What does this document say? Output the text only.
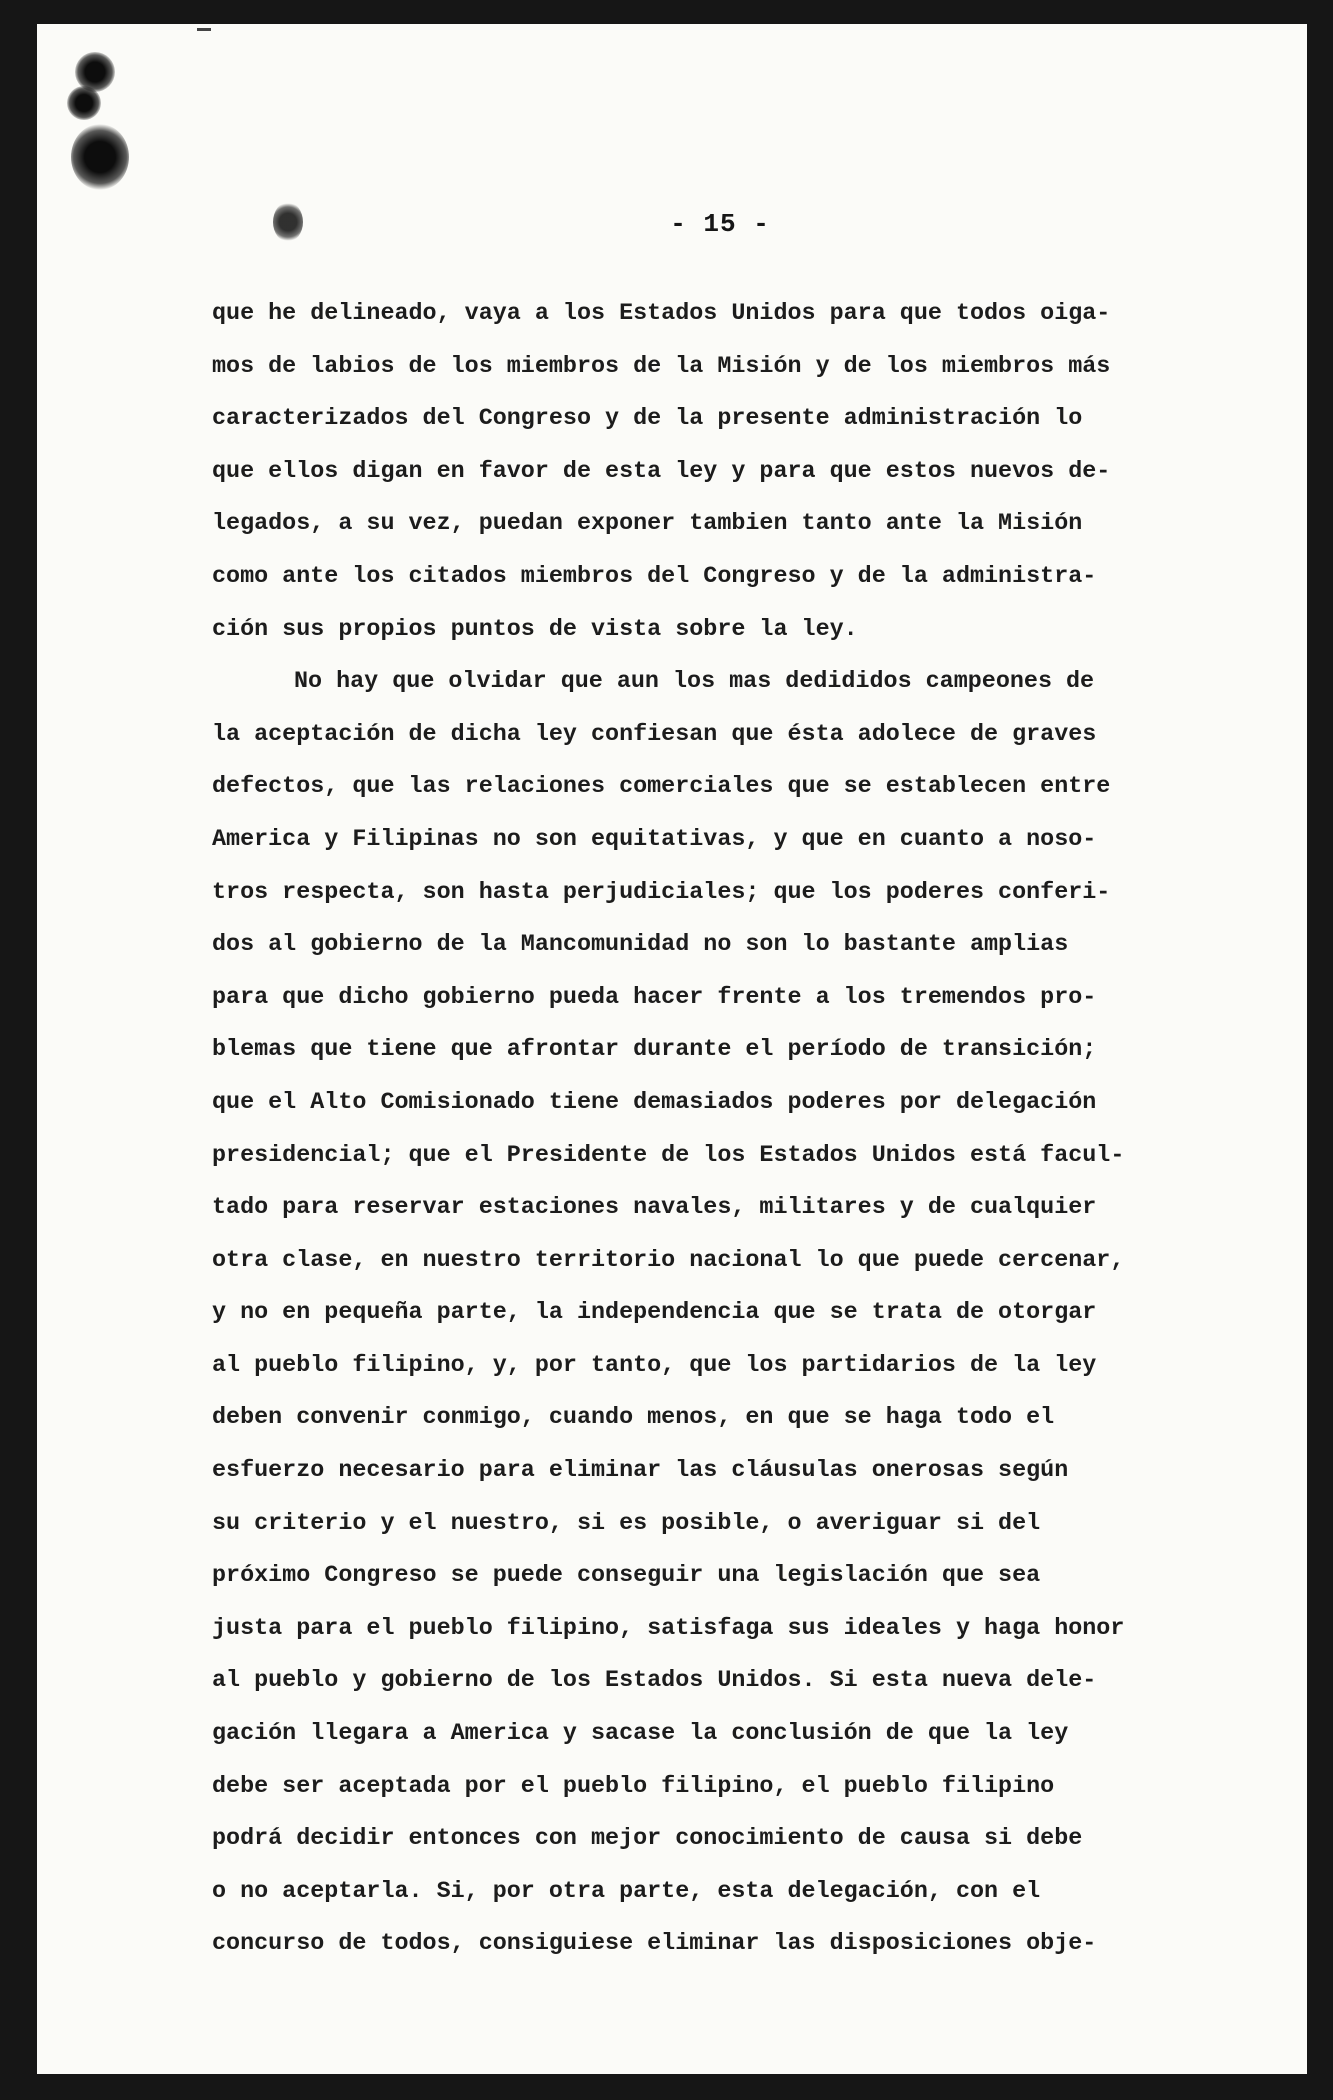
- 15 -
que he delineado, vaya a los Estados Unidos para que todos oiga-
mos de labios de los miembros de la Misión y de los miembros más
caracterizados del Congreso y de la presente administración lo
que ellos digan en favor de esta ley y para que estos nuevos de-
legados, a su vez, puedan exponer tambien tanto ante la Misión
como ante los citados miembros del Congreso y de la administra-
ción sus propios puntos de vista sobre la ley.
No hay que olvidar que aun los mas dedididos campeones de
la aceptación de dicha ley confiesan que ésta adolece de graves
defectos, que las relaciones comerciales que se establecen entre
America y Filipinas no son equitativas, y que en cuanto a noso-
tros respecta, son hasta perjudiciales; que los poderes conferi-
dos al gobierno de la Mancomunidad no son lo bastante amplias
para que dicho gobierno pueda hacer frente a los tremendos pro-
blemas que tiene que afrontar durante el período de transición;
que el Alto Comisionado tiene demasiados poderes por delegación
presidencial; que el Presidente de los Estados Unidos está facul-
tado para reservar estaciones navales, militares y de cualquier
otra clase, en nuestro territorio nacional lo que puede cercenar,
y no en pequeña parte, la independencia que se trata de otorgar
al pueblo filipino, y, por tanto, que los partidarios de la ley
deben convenir conmigo, cuando menos, en que se haga todo el
esfuerzo necesario para eliminar las cláusulas onerosas según
su criterio y el nuestro, si es posible, o averiguar si del
próximo Congreso se puede conseguir una legislación que sea
justa para el pueblo filipino, satisfaga sus ideales y haga honor
al pueblo y gobierno de los Estados Unidos. Si esta nueva dele-
gación llegara a America y sacase la conclusión de que la ley
debe ser aceptada por el pueblo filipino, el pueblo filipino
podrá decidir entonces con mejor conocimiento de causa si debe
o no aceptarla. Si, por otra parte, esta delegación, con el
concurso de todos, consiguiese eliminar las disposiciones obje-
